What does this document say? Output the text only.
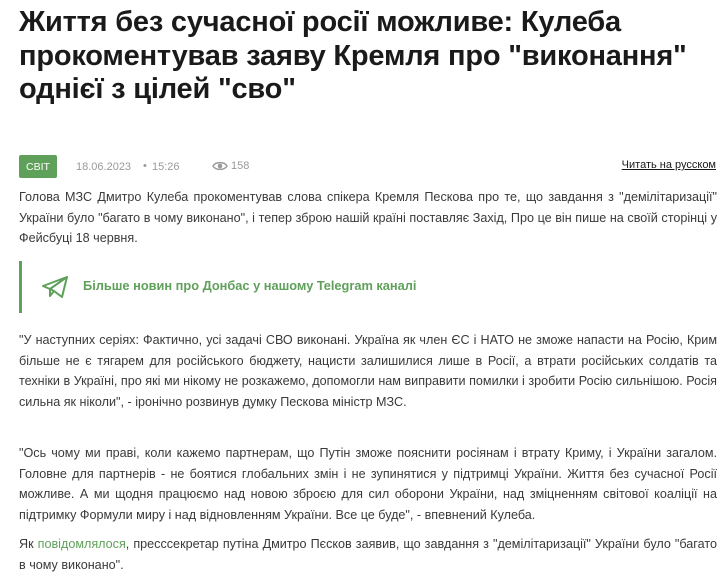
Життя без сучасної росії можливе: Кулеба прокоментував заяву Кремля про "виконання" однієї з цілей "сво"
СВІТ	18.06.2023 • 15:26	158	Читать на русском

Голова МЗС Дмитро Кулеба прокоментував слова спікера Кремля Пескова про те, що завдання з "демілітаризації" України було "багато в чому виконано", і тепер зброю нашій країні поставляє Захід, Про це він пише на своїй сторінці у Фейсбуці 18 червня.

Більше новин про Донбас у нашому Telegram каналі

"У наступних серіях: Фактично, усі задачі СВО виконані. Україна як член ЄС і НАТО не зможе напасти на Росію, Крим більше не є тягарем для російського бюджету, нацисти залишилися лише в Росії, а втрати російських солдатів та техніки в Україні, про які ми нікому не розкажемо, допомогли нам виправити помилки і зробити Росію сильнішою. Росія сильна як ніколи", - іронічно розвинув думку Пескова міністр МЗС.

"Ось чому ми праві, коли кажемо партнерам, що Путін зможе пояснити росіянам і втрату Криму, і України загалом. Головне для партнерів - не боятися глобальних змін і не зупинятися у підтримці України. Життя без сучасної Росії можливе. А ми щодня працюємо над новою зброєю для сил оборони України, над зміцненням світової коаліції на підтримку Формули миру і над відновленням України. Все це буде", - впевнений Кулеба.

Як повідомлялося, пресссекретар путіна Дмитро Пєсков заявив, що завдання з "демілітаризації" України було "багато в чому виконано".
